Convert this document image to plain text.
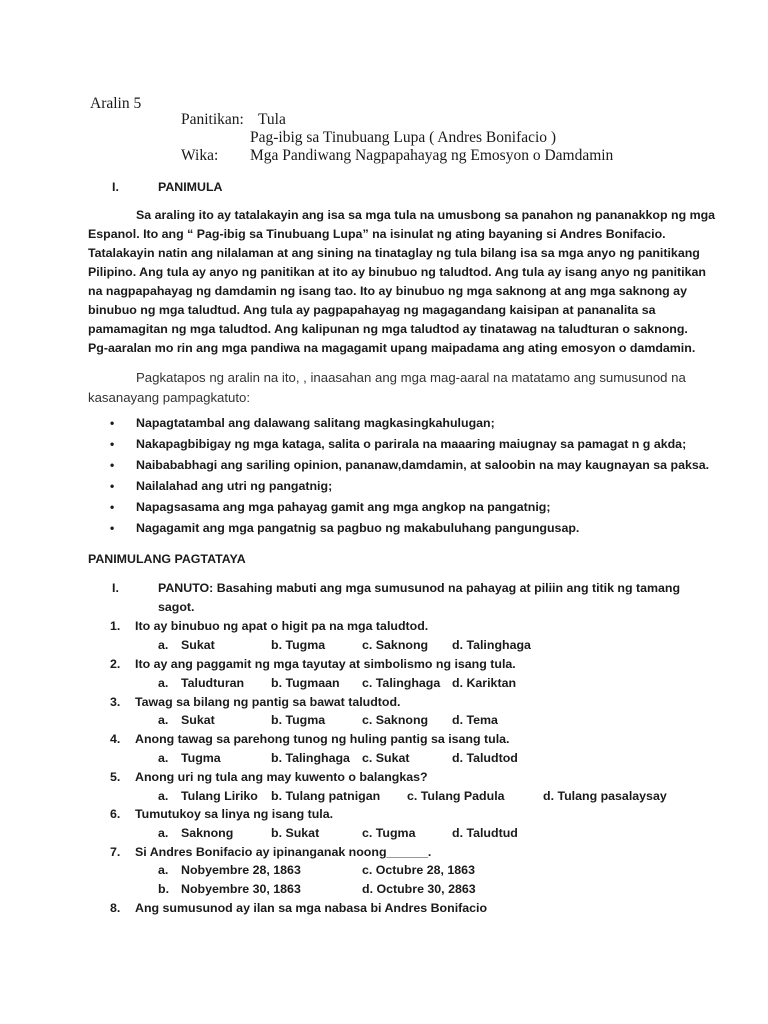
Aralin 5
Panitikan: Tula
Pag-ibig sa Tinubuang Lupa ( Andres Bonifacio )
Wika: Mga Pandiwang Nagpapahayag ng Emosyon o Damdamin
I.	PANIMULA

Sa araling ito ay tatalakayin ang isa sa mga tula na umusbong sa panahon ng pananakkop ng mga

Espanol. Ito ang “ Pag-ibig sa Tinubuang Lupa” na isinulat ng ating bayaning si Andres Bonifacio.

Tatalakayin natin ang nilalaman at ang sining na tinataglay ng tula bilang isa sa mga anyo ng panitikang

Pilipino. Ang tula ay anyo ng panitikan at ito ay binubuo ng taludtod. Ang tula ay isang anyo ng panitikan

na nagpapahayag ng damdamin ng isang tao. Ito ay binubuo ng mga saknong at ang mga saknong ay

binubuo ng mga taludtud. Ang tula ay pagpapahayag ng magagandang kaisipan at pananalita sa

pamamagitan ng mga taludtod. Ang kalipunan ng mga taludtod ay tinatawag na taludturan o saknong.

Pg-aaralan mo rin ang mga pandiwa na magagamit upang maipadama ang ating emosyon o damdamin.

Pagkatapos ng aralin na ito, , inaasahan ang mga mag-aaral na matatamo ang sumusunod na

kasanayang pampagkatuto:

• Napagtatambal ang dalawang salitang magkasingkahulugan;
• Nakapagbibigay ng mga kataga, salita o parirala na maaaring maiugnay sa pamagat n g akda;
• Naibababhagi ang sariling opinion, pananaw,damdamin, at saloobin na may kaugnayan sa paksa.
• Nailalahad ang utri ng pangatnig;
• Napagsasama ang mga pahayag gamit ang mga angkop na pangatnig;
• Nagagamit ang mga pangatnig sa pagbuo ng makabuluhang pangungusap.
PANIMULANG PAGTATAYA
I.	PANUTO: Basahing mabuti ang mga sumusunod na pahayag at piliin ang titik ng tamang
sagot.
1. Ito ay binubuo ng apat o higit pa na mga taludtod.
a. Sukat	b. Tugma	c. Saknong d. Talinghaga
2. Ito ay ang paggamit ng mga tayutay at simbolismo ng isang tula.
a. Taludturan b. Tugmaan c. Talinghaga d. Kariktan
3. Tawag sa bilang ng pantig sa bawat taludtod.
a. Sukat	b. Tugma	c. Saknong d. Tema
4. Anong tawag sa parehong tunog ng huling pantig sa isang tula.
a. Tugma	b. Talinghaga c. Sukat	d. Taludtod
5. Anong uri ng tula ang may kuwento o balangkas?
a. Tulang Liriko b. Tulang patnigan c. Tulang Padula	d. Tulang pasalaysay
6. Tumutukoy sa linya ng isang tula.
a. Saknong	b. Sukat	c. Tugma	d. Taludtud
7. Si Andres Bonifacio ay ipinanganak noong______.
a. Nobyembre 28, 1863	c. Octubre 28, 1863
b. Nobyembre 30, 1863	d. Octubre 30, 2863
8. Ang sumusunod ay ilan sa mga nabasa bi Andres Bonifacio
